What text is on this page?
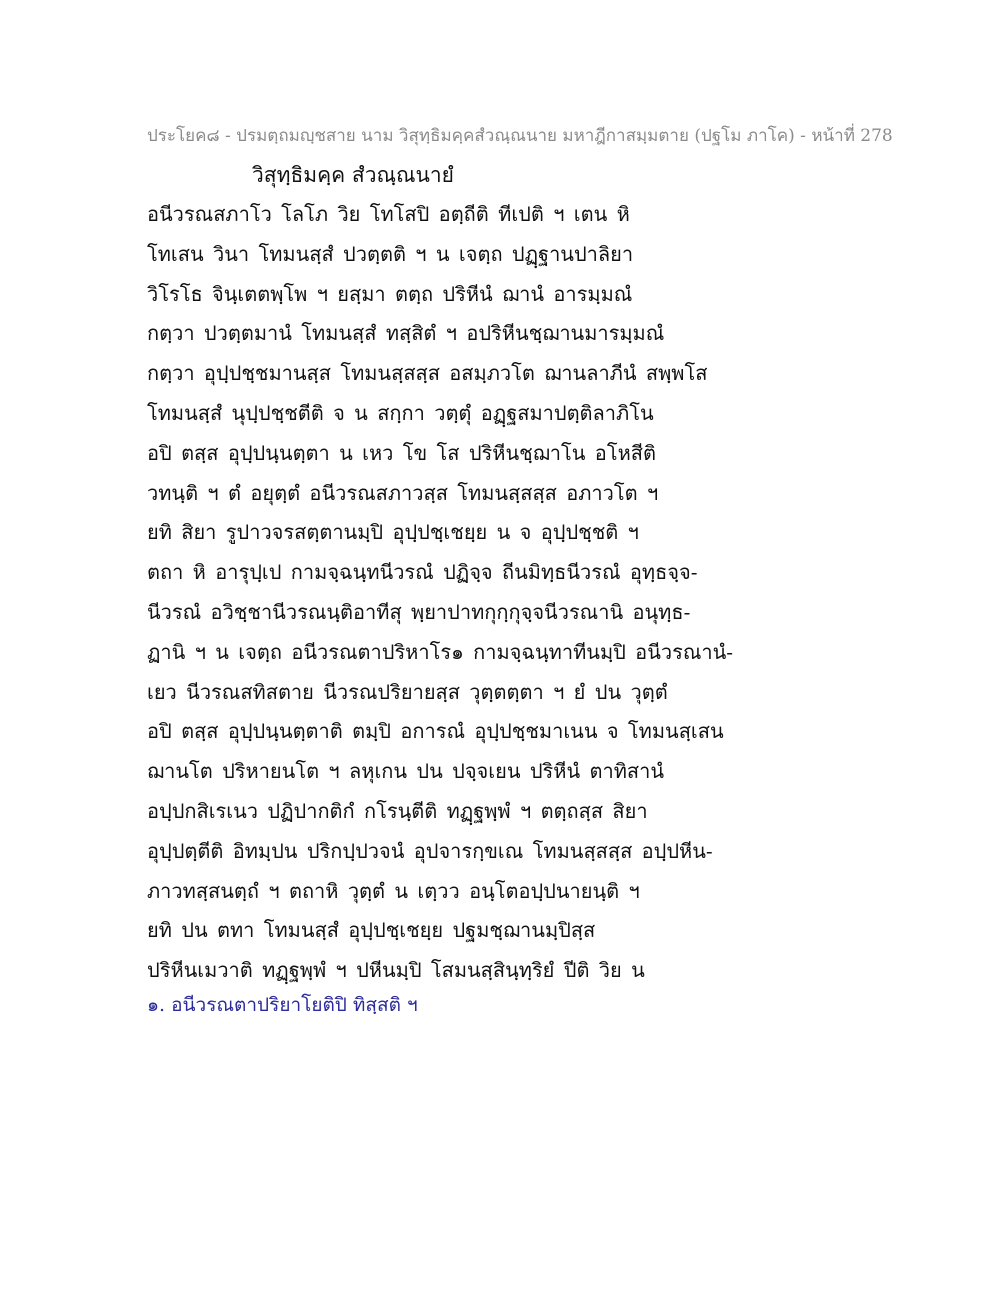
ประโยค๘ - ปรมตฺถมญฺชสาย นาม วิสุทฺธิมคฺคสํวณฺณนาย มหาฎีกาสมฺมตาย (ปฐโม ภาโค) - หน้าที่ 278
วิสุทฺธิมคฺค สํวณฺณนายํ
อนีวรณสภาโว โลโภ วิย โทโสปิ อตฺถีติ ทีเปติ ฯ เตน หิ
โทเสน วินา โทมนสฺสํ ปวตฺตติ ฯ น เจตฺถ ปฏฺฐานปาลิยา
วิโรโธ จินฺเตตพฺโพ ฯ ยสฺมา ตตฺถ ปริหีนํ ฌานํ อารมฺมณํ
กตฺวา ปวตฺตมานํ โทมนสฺสํ ทสฺสิตํ ฯ อปริหีนชฺฌานมารมฺมณํ
กตฺวา อุปฺปชฺชมานสฺส โทมนสฺสสฺส อสมฺภวโต ฌานลาภีนํ สพฺพโส
โทมนสฺสํ นุปฺปชฺชตีติ จ น สกฺกา วตฺตุํ อฏฺฐสมาปตฺติลาภิโน
อปิ ตสฺส อุปฺปนฺนตฺตา น เหว โข โส ปริหีนชฺฌาโน อโหสีติ
วทนฺติ ฯ ตํ อยุตฺตํ อนีวรณสภาวสฺส โทมนสฺสสฺส อภาวโต ฯ
ยทิ สิยา รูปาวจรสตฺตานมฺปิ อุปฺปชฺเชยฺย น จ อุปฺปชฺชติ ฯ
ตถา หิ อารุปฺเป กามจฺฉนฺทนีวรณํ ปฏิจฺจ ถีนมิทฺธนีวรณํ อุทฺธจฺจ-
นีวรณํ อวิชฺชานีวรณนฺติอาทีสุ พฺยาปาทกุกฺกุจฺจนีวรณานิ อนุทฺธ-
ฏานิ ฯ น เจตฺถ อนีวรณตาปริหาโร๑ กามจฺฉนฺทาทีนมฺปิ อนีวรณานํ-
เยว นีวรณสทิสตาย นีวรณปริยายสฺส วุตฺตตฺตา ฯ ยํ ปน วุตฺตํ
อปิ ตสฺส อุปฺปนฺนตฺตาติ ตมฺปิ อการณํ อุปฺปชฺชมาเนน จ โทมนสฺเสน
ฌานโต ปริหายนโต ฯ ลหุเกน ปน ปจฺจเยน ปริหีนํ ตาทิสานํ
อปฺปกสิเรเนว ปฏิปากติกํ กโรนฺตีติ ทฏฺฐพฺพํ ฯ ตตฺถสฺส สิยา
อุปฺปตฺตีติ อิทมฺปน ปริกปฺปวจนํ อุปจารกฺขเณ โทมนสฺสสฺส อปฺปหีน-
ภาวทสฺสนตฺถํ ฯ ตถาหิ วุตฺตํ น เตฺวว อนฺโตอปฺปนายนฺติ ฯ
ยทิ ปน ตทา โทมนสฺสํ อุปฺปชฺเชยฺย ปฐมชฺฌานมฺปิสฺส
ปริหีนเมวาติ ทฏฺฐพฺพํ ฯ ปหีนมฺปิ โสมนสฺสินฺทฺริยํ ปีติ วิย น
๑. อนีวรณตาปริยาโยติปิ ทิสฺสติ ฯ
